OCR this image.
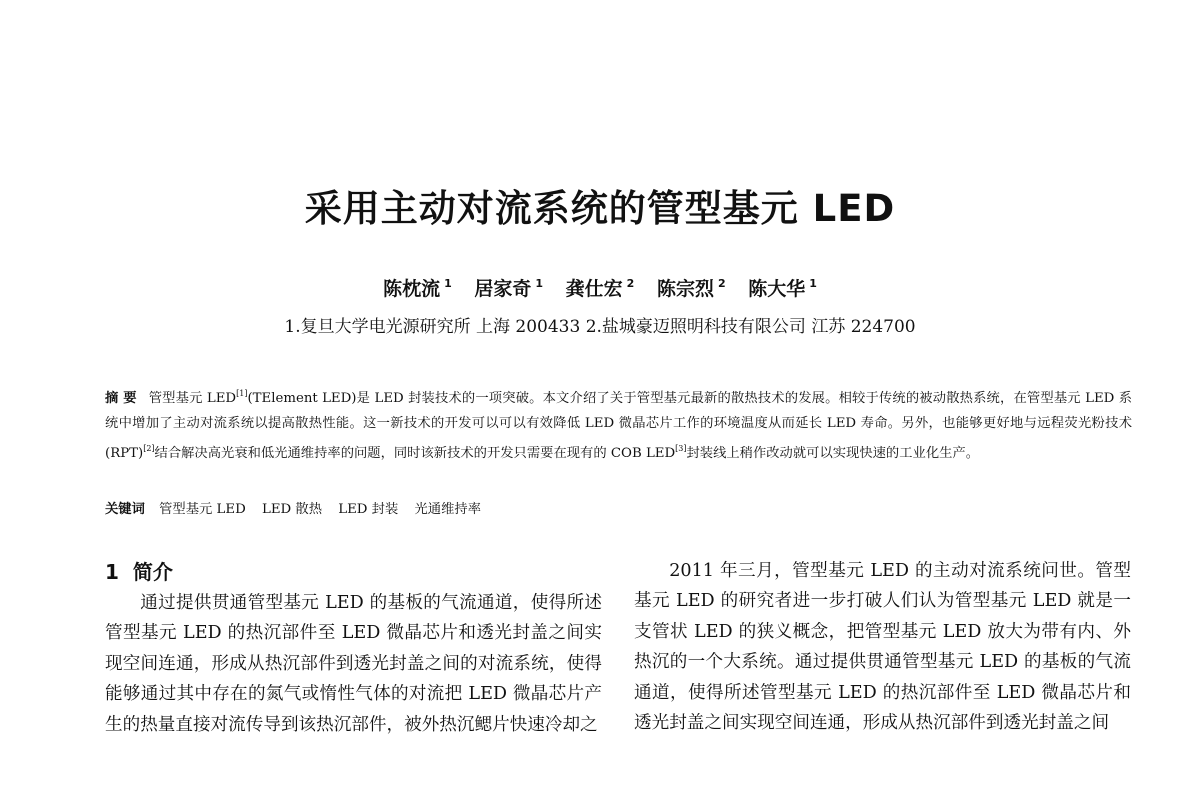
采用主动对流系统的管型基元 LED
陈枕流 $^1$ 居家奇 $^1$ 龚仕宏 $^2$ 陈宗烈 $^2$ 陈大华 $^1$
1.复旦大学电光源研究所 上海 200433 2.盐城豪迈照明科技有限公司 江苏 224700
摘 要 管型基元 LED[1](TElement LED)是 LED 封装技术的一项突破。本文介绍了关于管型基元最新的散热技术的发展。相较于传统的被动散热系统，在管型基元 LED 系统中增加了主动对流系统以提高散热性能。这一新技术的开发可以可以有效降低 LED 微晶芯片工作的环境温度从而延长 LED 寿命。另外，也能够更好地与远程荧光粉技术(RPT)[2]结合解决高光衰和低光通维持率的问题，同时该新技术的开发只需要在现有的 COB LED[3]封装线上稍作改动就可以实现快速的工业化生产。
关键词 管型基元 LED LED 散热 LED 封装 光通维持率
1 简介
通过提供贯通管型基元 LED 的基板的气流通道，使得所述管型基元 LED 的热沉部件至 LED 微晶芯片和透光封盖之间实现空间连通，形成从热沉部件到透光封盖之间的对流系统，使得能够通过其中存在的氮气或惰性气体的对流把 LED 微晶芯片产生的热量直接对流传导到该热沉部件，被外热沉鳃片快速冷却之
2011 年三月，管型基元 LED 的主动对流系统问世。管型基元 LED 的研究者进一步打破人们认为管型基元 LED 就是一支管状 LED 的狭义概念，把管型基元 LED 放大为带有内、外热沉的一个大系统。通过提供贯通管型基元 LED 的基板的气流通道，使得所述管型基元 LED 的热沉部件至 LED 微晶芯片和透光封盖之间实现空间连通，形成从热沉部件到透光封盖之间
